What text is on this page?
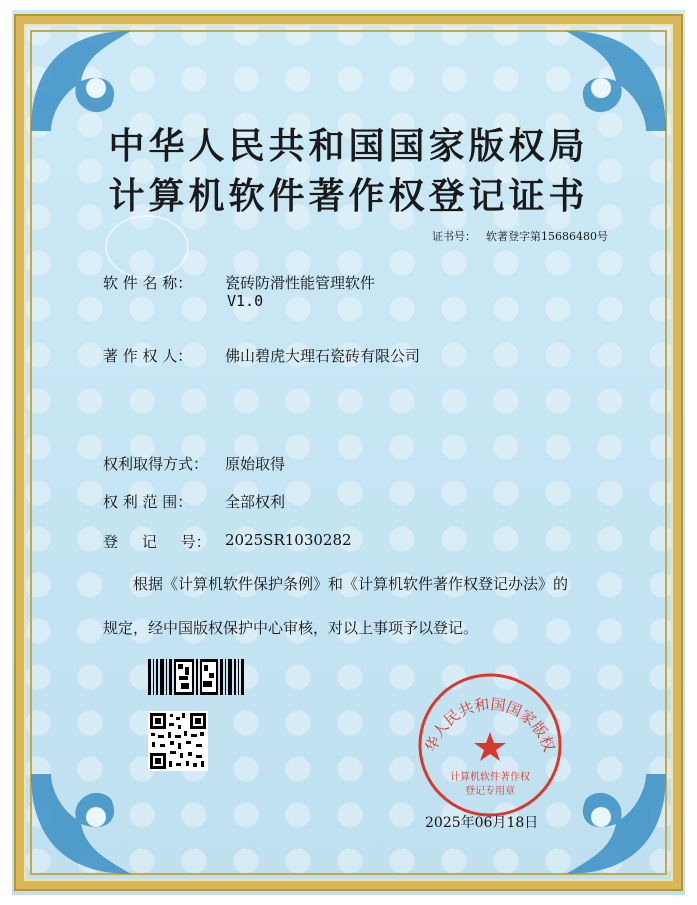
中华人民共和国国家版权局
计算机软件著作权登记证书
证书号： 软著登字第15686480号
软 件 名 称： 瓷砖防滑性能管理软件
V1.0
著 作 权 人： 佛山碧虎大理石瓷砖有限公司
权利取得方式： 原始取得
权 利 范 围： 全部权利
登     记     号： 2025SR1030282
根据《计算机软件保护条例》和《计算机软件著作权登记办法》的
规定，经中国版权保护中心审核，对以上事项予以登记。
华人民共和国国家版权
计算机软件著作权
登记专用章
2025年06月18日
